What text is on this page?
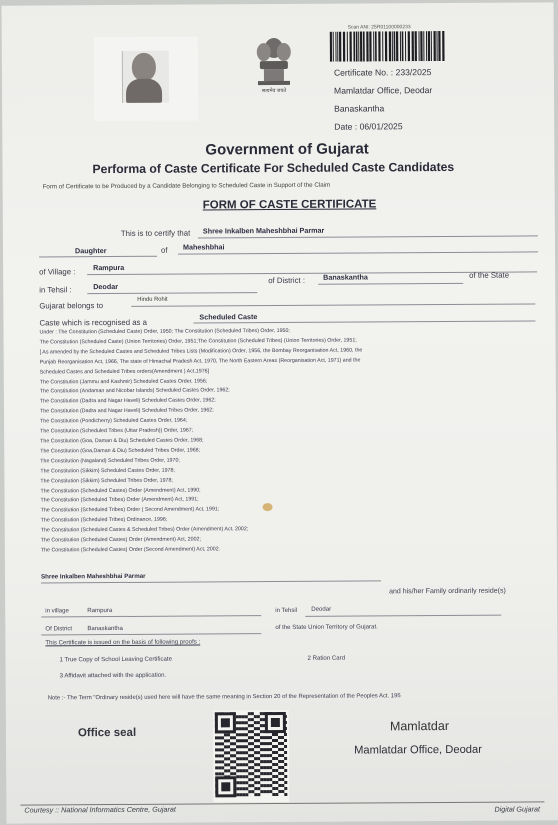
सत्यमेव जयते
Scan ANI: 25R01100000233
Certificate No. : 233/2025
Mamlatdar Office, Deodar
Banaskantha
Date : 06/01/2025
Government of Gujarat
Performa of Caste Certificate For Scheduled Caste Candidates
Form of Certificate to be Produced by a Candidate Belonging to Scheduled Caste in Support of the Claim
FORM OF CASTE CERTIFICATE
This is to certify that Shree Inkalben Maheshbhai Parmar
Daughter	of Maheshbhai
of Village : Rampura
in Tehsil :	Deodar
of District :	Banaskantha	of the State
Gujarat belongs to
Hindu Rohit
Caste which is recognised as a
Scheduled Caste
Under : The Constitution (Scheduled Caste) Order, 1950; The Constitution (Scheduled Tribes) Order, 1950;
The Constitution (Scheduled Caste) (Union Territories) Order, 1951;The Constitution (Scheduled Tribes) (Union Territories) Order, 1951;
[ As amended by the Scheduled Castes and Scheduled Tribes Lists (Modification) Order, 1956, the Bombay Reorganisation Act, 1960, the
Punjab Reorganisation Act, 1966, The state of Himachal Pradesh Act, 1970, The North Eastern Areas (Reorganisation Act, 1971) and the
Scheduled Castes and Scheduled Tribes orders(Amendment ) Act,1976]
The Constitution (Jammu and Kashmir) Scheduled Castes Order, 1956;
The Constitution (Andaman and Nicobar Islands) Scheduled Castes Order, 1962;
The Constitution (Dadra and Nagar Haveli) Scheduled Castes Order, 1962;
The Constitution (Dadra and Nagar Haveli) Scheduled Tribes Order, 1962;
The Constitution (Pondicherry) Scheduled Castes Order, 1964;
The Constitution (Scheduled Tribes (Uttar Pradesh)) Order, 1967;
The Constitution (Goa, Daman & Diu) Scheduled Castes Order, 1968;
The Constitution (Goa,Daman & Diu) Scheduled Tribes Order, 1968;
The Constitution (Nagaland) Scheduled Tribes Order, 1970;
The Constitution (Sikkim) Scheduled Castes Order, 1978;
The Constitution (Sikkim) Scheduled Tribes Order, 1978;
The Constitution (Scheduled Castes) Order (Amendment) Act, 1990;
The Constitution (Scheduled Tribes) Order (Amendment) Act, 1991;
The Constitution (Scheduled Tribes) Order ( Second Amendment) Act, 1991;
The Constitution (Scheduled Tribes) Ordinance, 1996;
The Constitution (Scheduled Castes & Scheduled Tribes) Order (Amendment) Act, 2002;
The Constitution (Scheduled Castes) Order (Amendment) Act, 2002;
The Constitution (Scheduled Castes) Order (Second Amendment) Act, 2002.
Shree Inkalben Maheshbhai Parmar
and his/her Family ordinarily reside(s)
in village	Rampura	in Tehsil Deodar
Of District Banaskantha	of the State Union Territory of Gujarat.
This Certificate is issued on the basis of following proofs :
1 True Copy of School Leaving Certificate	2 Ration Card
3 Affidavit attached with the application.
Note :- The Term "Ordinary reside(s) used here will have the same meaning in Section 20 of the Representation of the Peoples Act. 195
Office seal	Mamlatdar
Mamlatdar Office, Deodar
Courtesy :: National Informatics Centre, Gujarat	Digital Gujarat
